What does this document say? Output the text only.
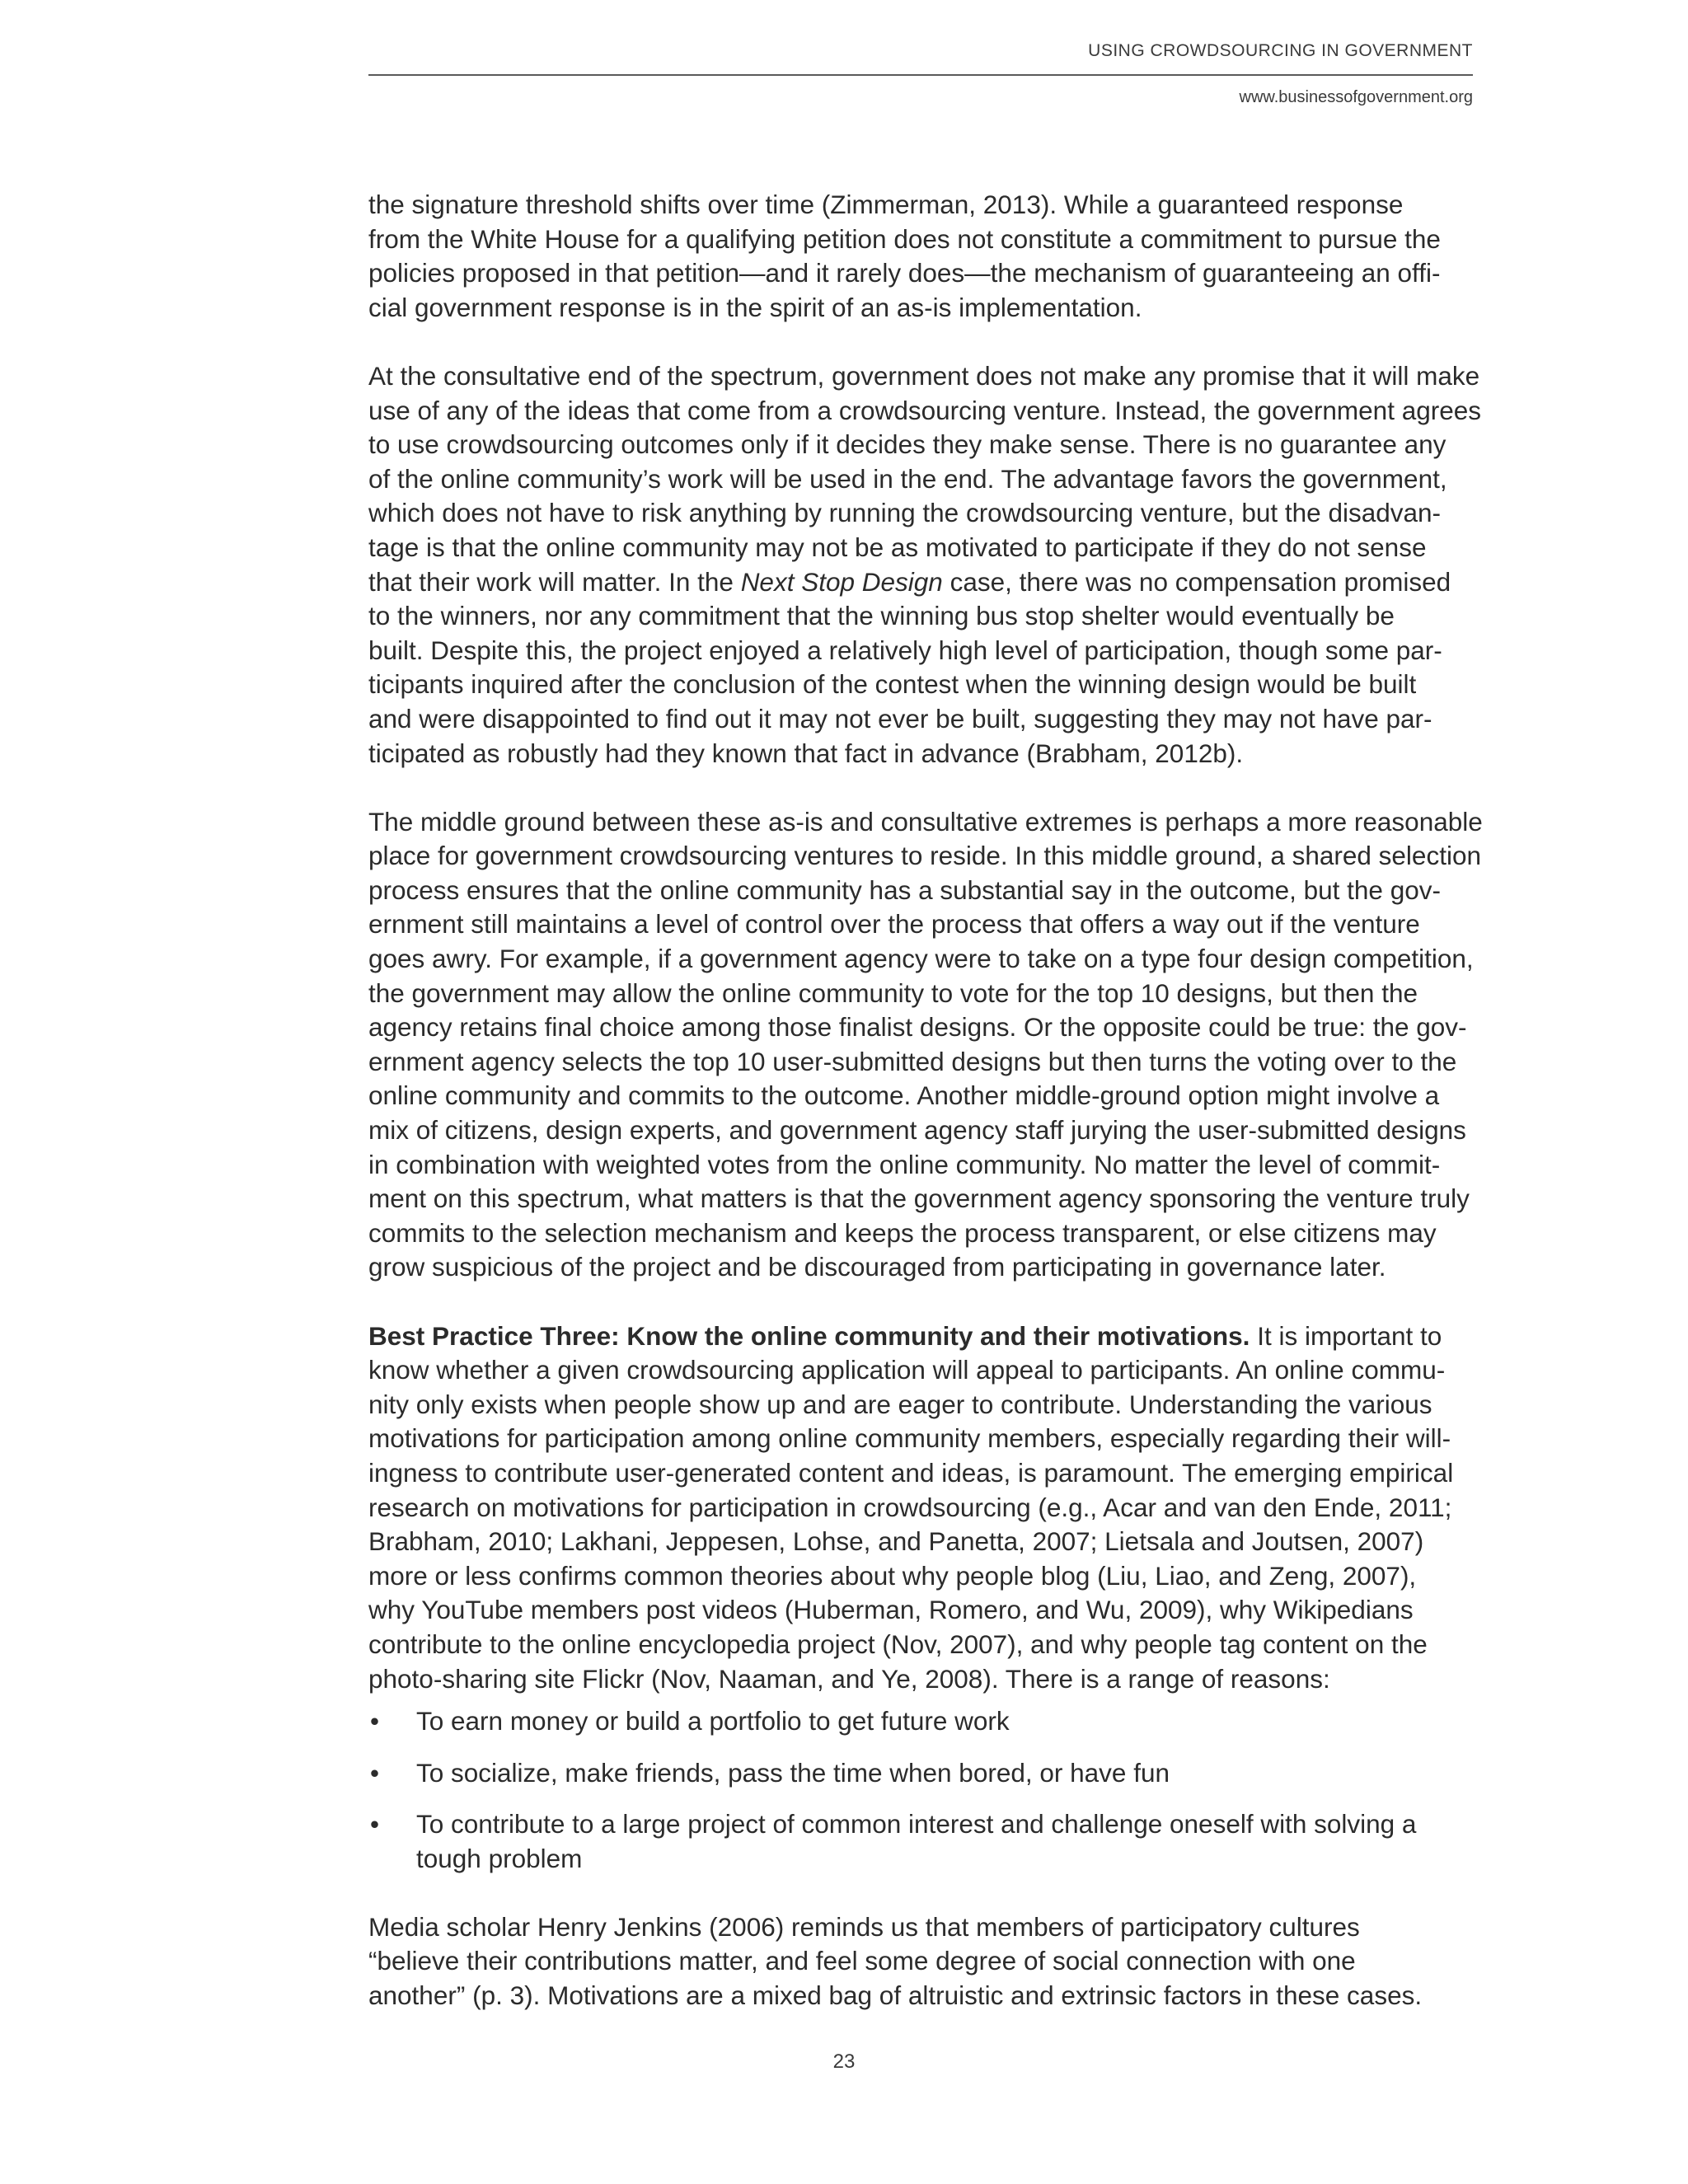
USING CROWDSOURCING IN GOVERNMENT
www.businessofgovernment.org

the signature threshold shifts over time (Zimmerman, 2013). While a guaranteed response
from the White House for a qualifying petition does not constitute a commitment to pursue the
policies proposed in that petition—and it rarely does—the mechanism of guaranteeing an offi-
cial government response is in the spirit of an as-is implementation.

At the consultative end of the spectrum, government does not make any promise that it will make
use of any of the ideas that come from a crowdsourcing venture. Instead, the government agrees
to use crowdsourcing outcomes only if it decides they make sense. There is no guarantee any
of the online community’s work will be used in the end. The advantage favors the government,
which does not have to risk anything by running the crowdsourcing venture, but the disadvan-
tage is that the online community may not be as motivated to participate if they do not sense
that their work will matter. In the Next Stop Design case, there was no compensation promised
to the winners, nor any commitment that the winning bus stop shelter would eventually be
built. Despite this, the project enjoyed a relatively high level of participation, though some par-
ticipants inquired after the conclusion of the contest when the winning design would be built
and were disappointed to find out it may not ever be built, suggesting they may not have par-
ticipated as robustly had they known that fact in advance (Brabham, 2012b).

The middle ground between these as-is and consultative extremes is perhaps a more reasonable
place for government crowdsourcing ventures to reside. In this middle ground, a shared selection
process ensures that the online community has a substantial say in the outcome, but the gov-
ernment still maintains a level of control over the process that offers a way out if the venture
goes awry. For example, if a government agency were to take on a type four design competition,
the government may allow the online community to vote for the top 10 designs, but then the
agency retains final choice among those finalist designs. Or the opposite could be true: the gov-
ernment agency selects the top 10 user-submitted designs but then turns the voting over to the
online community and commits to the outcome. Another middle-ground option might involve a
mix of citizens, design experts, and government agency staff jurying the user-submitted designs
in combination with weighted votes from the online community. No matter the level of commit-
ment on this spectrum, what matters is that the government agency sponsoring the venture truly
commits to the selection mechanism and keeps the process transparent, or else citizens may
grow suspicious of the project and be discouraged from participating in governance later.

Best Practice Three: Know the online community and their motivations. It is important to
know whether a given crowdsourcing application will appeal to participants. An online commu-
nity only exists when people show up and are eager to contribute. Understanding the various
motivations for participation among online community members, especially regarding their will-
ingness to contribute user-generated content and ideas, is paramount. The emerging empirical
research on motivations for participation in crowdsourcing (e.g., Acar and van den Ende, 2011;
Brabham, 2010; Lakhani, Jeppesen, Lohse, and Panetta, 2007; Lietsala and Joutsen, 2007)
more or less confirms common theories about why people blog (Liu, Liao, and Zeng, 2007),
why YouTube members post videos (Huberman, Romero, and Wu, 2009), why Wikipedians
contribute to the online encyclopedia project (Nov, 2007), and why people tag content on the
photo-sharing site Flickr (Nov, Naaman, and Ye, 2008). There is a range of reasons:

• To earn money or build a portfolio to get future work
• To socialize, make friends, pass the time when bored, or have fun
• To contribute to a large project of common interest and challenge oneself with solving a
tough problem

Media scholar Henry Jenkins (2006) reminds us that members of participatory cultures
“believe their contributions matter, and feel some degree of social connection with one
another” (p. 3). Motivations are a mixed bag of altruistic and extrinsic factors in these cases.

23
